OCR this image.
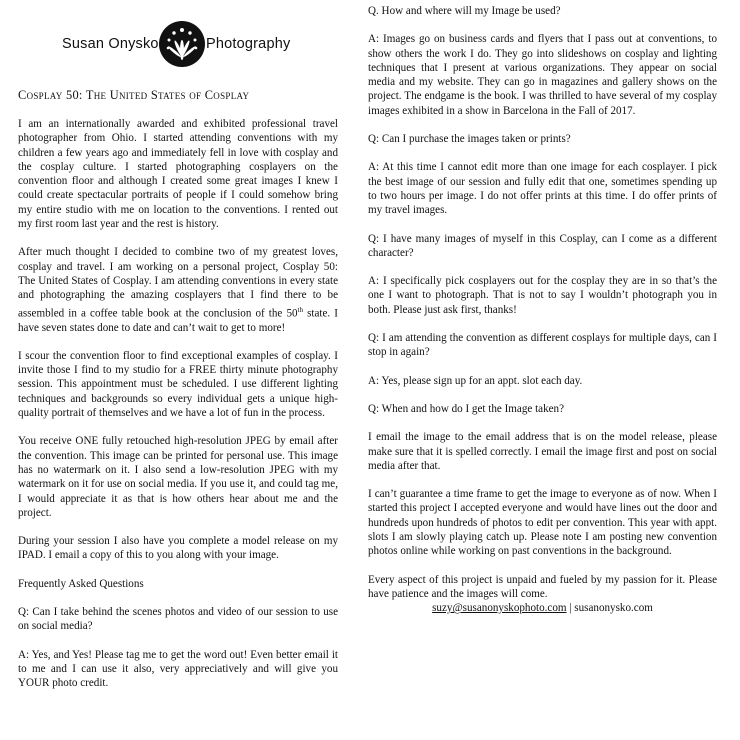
Susan Onysko	Photography
Cosplay 50: The United States of Cosplay

I am an internationally awarded and exhibited professional travel photographer from Ohio. I started attending conventions with my children a few years ago and immediately fell in love with cosplay and the cosplay culture. I started photographing cosplayers on the convention floor and although I created some great images I knew I could create spectacular portraits of people if I could somehow bring my entire studio with me on location to the conventions. I rented out my first room last year and the rest is history.

After much thought I decided to combine two of my greatest loves, cosplay and travel. I am working on a personal project, Cosplay 50: The United States of Cosplay. I am attending conventions in every state and photographing the amazing cosplayers that I find there to be assembled in a coffee table book at the conclusion of the 50th state. I have seven states done to date and can’t wait to get to more!

I scour the convention floor to find exceptional examples of cosplay. I invite those I find to my studio for a FREE thirty minute photography session. This appointment must be scheduled. I use different lighting techniques and backgrounds so every individual gets a unique high-quality portrait of themselves and we have a lot of fun in the process.

You receive ONE fully retouched high-resolution JPEG by email after the convention. This image can be printed for personal use. This image has no watermark on it. I also send a low-resolution JPEG with my watermark on it for use on social media. If you use it, and could tag me, I would appreciate it as that is how others hear about me and the project.

During your session I also have you complete a model release on my IPAD. I email a copy of this to you along with your image.

Frequently Asked Questions

Q: Can I take behind the scenes photos and video of our session to use on social media?

A: Yes, and Yes! Please tag me to get the word out! Even better email it to me and I can use it also, very appreciatively and will give you YOUR photo credit.

Q. How and where will my Image be used?

A: Images go on business cards and flyers that I pass out at conventions, to show others the work I do. They go into slideshows on cosplay and lighting techniques that I present at various organizations. They appear on social media and my website. They can go in magazines and gallery shows on the project. The endgame is the book. I was thrilled to have several of my cosplay images exhibited in a show in Barcelona in the Fall of 2017.

Q: Can I purchase the images taken or prints?

A: At this time I cannot edit more than one image for each cosplayer. I pick the best image of our session and fully edit that one, sometimes spending up to two hours per image. I do not offer prints at this time. I do offer prints of my travel images.

Q: I have many images of myself in this Cosplay, can I come as a different character?

A: I specifically pick cosplayers out for the cosplay they are in so that’s the one I want to photograph. That is not to say I wouldn’t photograph you in both. Please just ask first, thanks!

Q: I am attending the convention as different cosplays for multiple days, can I stop in again?

A: Yes, please sign up for an appt. slot each day.

Q: When and how do I get the Image taken?

I email the image to the email address that is on the model release, please make sure that it is spelled correctly. I email the image first and post on social media after that.

I can’t guarantee a time frame to get the image to everyone as of now. When I started this project I accepted everyone and would have lines out the door and hundreds upon hundreds of photos to edit per convention. This year with appt. slots I am slowly playing catch up. Please note I am posting new convention photos online while working on past conventions in the background.

Every aspect of this project is unpaid and fueled by my passion for it. Please have patience and the images will come.

suzy@susanonyskophoto.com | susanonysko.com
